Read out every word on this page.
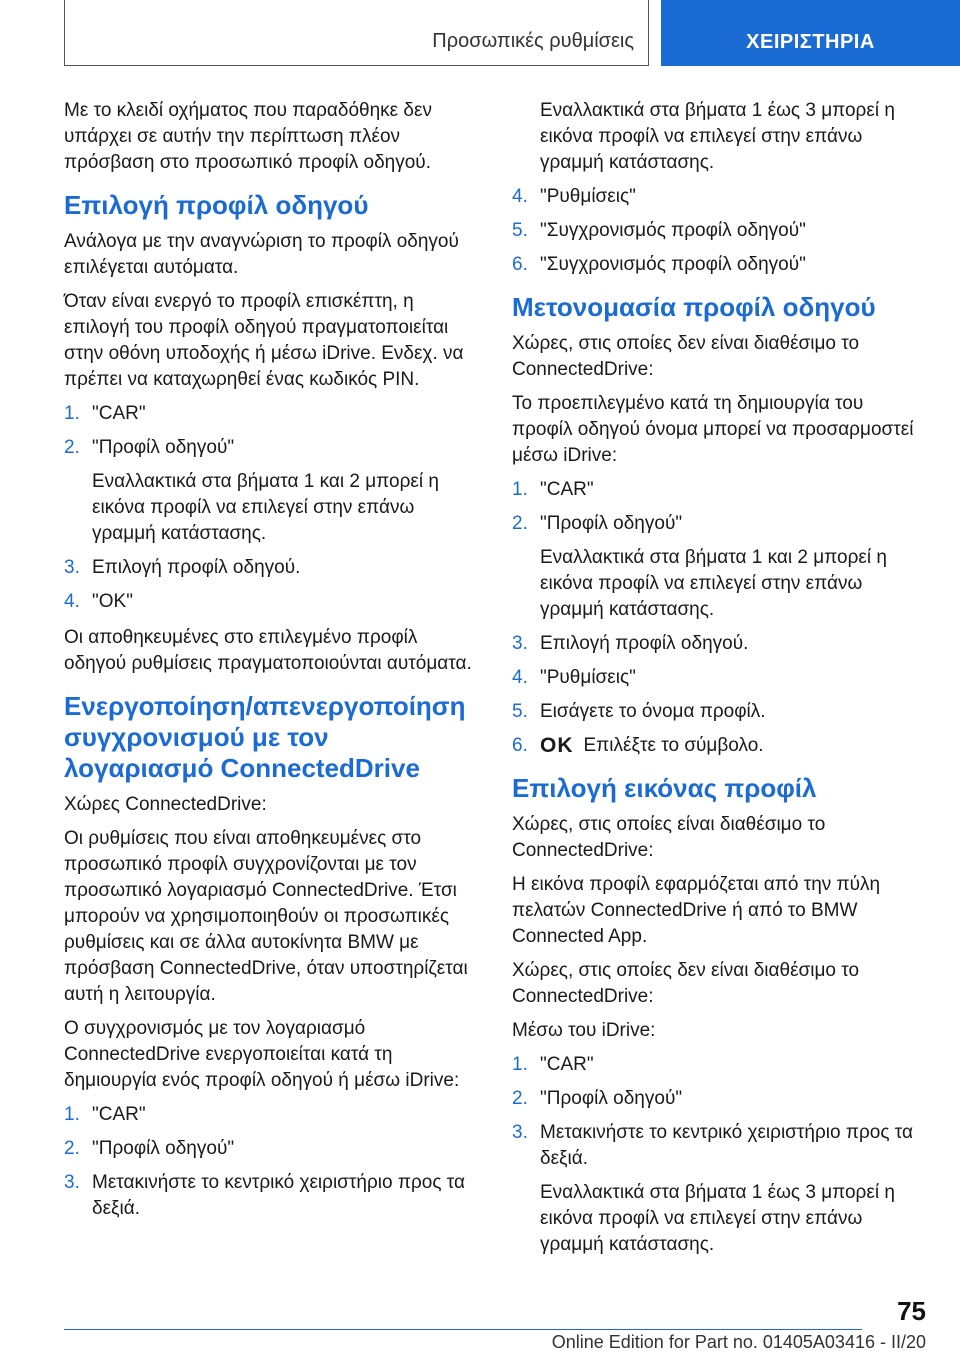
Προσωπικές ρυθμίσεις	ΧΕΙΡΙΣΤΗΡΙΑ

Με το κλειδί οχήματος που παραδόθηκε δεν υπάρχει σε αυτήν την περίπτωση πλέον πρόσβαση στο προσωπικό προφίλ οδηγού.

Επιλογή προφίλ οδηγού

Ανάλογα με την αναγνώριση το προφίλ οδηγού επιλέγεται αυτόματα.

Όταν είναι ενεργό το προφίλ επισκέπτη, η επιλογή του προφίλ οδηγού πραγματοποιείται στην οθόνη υποδοχής ή μέσω iDrive. Ενδεχ. να πρέπει να καταχωρηθεί ένας κωδικός PIN.

1. "CAR"
2. "Προφίλ οδηγού"
Εναλλακτικά στα βήματα 1 και 2 μπορεί η εικόνα προφίλ να επιλεγεί στην επάνω γραμμή κατάστασης.
3. Επιλογή προφίλ οδηγού.
4. "OK"

Οι αποθηκευμένες στο επιλεγμένο προφίλ οδηγού ρυθμίσεις πραγματοποιούνται αυτόματα.

Ενεργοποίηση/απενεργοποίηση συγχρονισμού με τον λογαριασμό ConnectedDrive

Χώρες ConnectedDrive:

Οι ρυθμίσεις που είναι αποθηκευμένες στο προσωπικό προφίλ συγχρονίζονται με τον προσωπικό λογαριασμό ConnectedDrive. Έτσι μπορούν να χρησιμοποιηθούν οι προσωπικές ρυθμίσεις και σε άλλα αυτοκίνητα BMW με πρόσβαση ConnectedDrive, όταν υποστηρίζεται αυτή η λειτουργία.

Ο συγχρονισμός με τον λογαριασμό ConnectedDrive ενεργοποιείται κατά τη δημιουργία ενός προφίλ οδηγού ή μέσω iDrive:

1. "CAR"
2. "Προφίλ οδηγού"
3. Μετακινήστε το κεντρικό χειριστήριο προς τα δεξιά.
Εναλλακτικά στα βήματα 1 έως 3 μπορεί η εικόνα προφίλ να επιλεγεί στην επάνω γραμμή κατάστασης.
4. "Ρυθμίσεις"
5. "Συγχρονισμός προφίλ οδηγού"
6. "Συγχρονισμός προφίλ οδηγού"
Μετονομασία προφίλ οδηγού

Χώρες, στις οποίες δεν είναι διαθέσιμο το ConnectedDrive:

Το προεπιλεγμένο κατά τη δημιουργία του προφίλ οδηγού όνομα μπορεί να προσαρμοστεί μέσω iDrive:

1. "CAR"
2. "Προφίλ οδηγού"
Εναλλακτικά στα βήματα 1 και 2 μπορεί η εικόνα προφίλ να επιλεγεί στην επάνω γραμμή κατάστασης.
3. Επιλογή προφίλ οδηγού.
4. "Ρυθμίσεις"
5. Εισάγετε το όνομα προφίλ.
6. OK Επιλέξτε το σύμβολο.
Επιλογή εικόνας προφίλ

Χώρες, στις οποίες είναι διαθέσιμο το ConnectedDrive:

Η εικόνα προφίλ εφαρμόζεται από την πύλη πελατών ConnectedDrive ή από το BMW Connected App.

Χώρες, στις οποίες δεν είναι διαθέσιμο το ConnectedDrive:

Μέσω του iDrive:

1. "CAR"
2. "Προφίλ οδηγού"
3. Μετακινήστε το κεντρικό χειριστήριο προς τα δεξιά.
Εναλλακτικά στα βήματα 1 έως 3 μπορεί η εικόνα προφίλ να επιλεγεί στην επάνω γραμμή κατάστασης.
75
Online Edition for Part no. 01405A03416 - II/20
